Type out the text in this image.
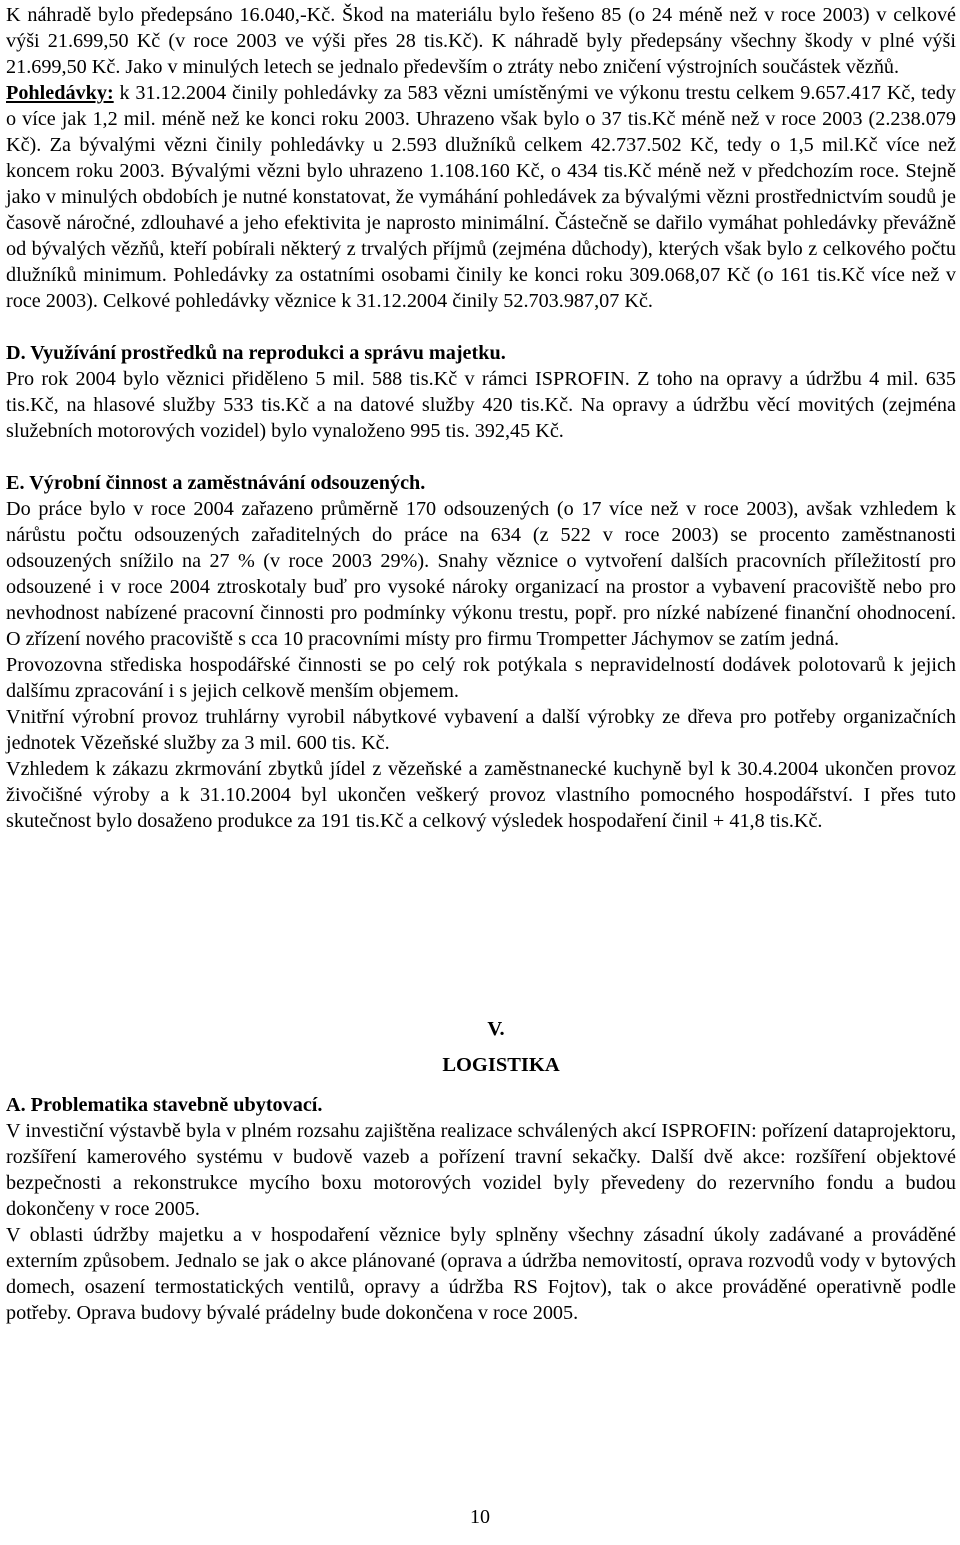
K náhradě bylo předepsáno 16.040,-Kč. Škod na materiálu bylo řešeno 85 (o 24 méně než v roce 2003) v celkové výši 21.699,50 Kč (v roce 2003 ve výši přes 28 tis.Kč). K náhradě byly předepsány všechny škody v plné výši 21.699,50 Kč. Jako v minulých letech se jednalo především o ztráty nebo zničení výstrojních součástek vězňů.

Pohledávky: k 31.12.2004 činily pohledávky za 583 vězni umístěnými ve výkonu trestu celkem 9.657.417 Kč, tedy o více jak 1,2 mil. méně než ke konci roku 2003. Uhrazeno však bylo o 37 tis.Kč méně než v roce 2003 (2.238.079 Kč). Za bývalými vězni činily pohledávky u 2.593 dlužníků celkem 42.737.502 Kč, tedy o 1,5 mil.Kč více než koncem roku 2003. Bývalými vězni bylo uhrazeno 1.108.160 Kč, o 434 tis.Kč méně než v předchozím roce. Stejně jako v minulých obdobích je nutné konstatovat, že vymáhání pohledávek za bývalými vězni prostřednictvím soudů je časově náročné, zdlouhavé a jeho efektivita je naprosto minimální. Částečně se dařilo vymáhat pohledávky převážně od bývalých vězňů, kteří pobírali některý z trvalých příjmů (zejména důchody), kterých však bylo z celkového počtu dlužníků minimum. Pohledávky za ostatními osobami činily ke konci roku 309.068,07 Kč (o 161 tis.Kč více než v roce 2003). Celkové pohledávky věznice k 31.12.2004 činily 52.703.987,07 Kč.

D. Využívání prostředků na reprodukci a správu majetku.

Pro rok 2004 bylo věznici přiděleno 5 mil. 588 tis.Kč v rámci ISPROFIN. Z toho na opravy a údržbu 4 mil. 635 tis.Kč, na hlasové služby 533 tis.Kč a na datové služby 420 tis.Kč. Na opravy a údržbu věcí movitých (zejména služebních motorových vozidel) bylo vynaloženo 995 tis. 392,45 Kč.

E. Výrobní činnost a zaměstnávání odsouzených.

Do práce bylo v roce 2004 zařazeno průměrně 170 odsouzených (o 17 více než v roce 2003), avšak vzhledem k nárůstu počtu odsouzených zařaditelných do práce na 634 (z 522 v roce 2003) se procento zaměstnanosti odsouzených snížilo na 27 % (v roce 2003 29%). Snahy věznice o vytvoření dalších pracovních příležitostí pro odsouzené i v roce 2004 ztroskotaly buď pro vysoké nároky organizací na prostor a vybavení pracoviště nebo pro nevhodnost nabízené pracovní činnosti pro podmínky výkonu trestu, popř. pro nízké nabízené finanční ohodnocení. O zřízení nového pracoviště s cca 10 pracovními místy pro firmu Trompetter Jáchymov se zatím jedná.

Provozovna střediska hospodářské činnosti se po celý rok potýkala s nepravidelností dodávek polotovarů k jejich dalšímu zpracování i s jejich celkově menším objemem.

Vnitřní výrobní provoz truhlárny vyrobil nábytkové vybavení a další výrobky ze dřeva pro potřeby organizačních jednotek Vězeňské služby za 3 mil. 600 tis. Kč.

Vzhledem k zákazu zkrmování zbytků jídel z vězeňské a zaměstnanecké kuchyně byl k 30.4.2004 ukončen provoz živočišné výroby a k 31.10.2004 byl ukončen veškerý provoz vlastního pomocného hospodářství. I přes tuto skutečnost bylo dosaženo produkce za 191 tis.Kč a celkový výsledek hospodaření činil + 41,8 tis.Kč.

V.

LOGISTIKA

A. Problematika stavebně ubytovací.

V investiční výstavbě byla v plném rozsahu zajištěna realizace schválených akcí ISPROFIN: pořízení dataprojektoru, rozšíření kamerového systému v budově vazeb a pořízení travní sekačky. Další dvě akce: rozšíření objektové bezpečnosti a rekonstrukce mycího boxu motorových vozidel byly převedeny do rezervního fondu a budou dokončeny v roce 2005.

V oblasti údržby majetku a v hospodaření věznice byly splněny všechny zásadní úkoly zadávané a prováděné externím způsobem. Jednalo se jak o akce plánované (oprava a údržba nemovitostí, oprava rozvodů vody v bytových domech, osazení termostatických ventilů, opravy a údržba RS Fojtov), tak o akce prováděné operativně podle potřeby. Oprava budovy bývalé prádelny bude dokončena v roce 2005.

10
